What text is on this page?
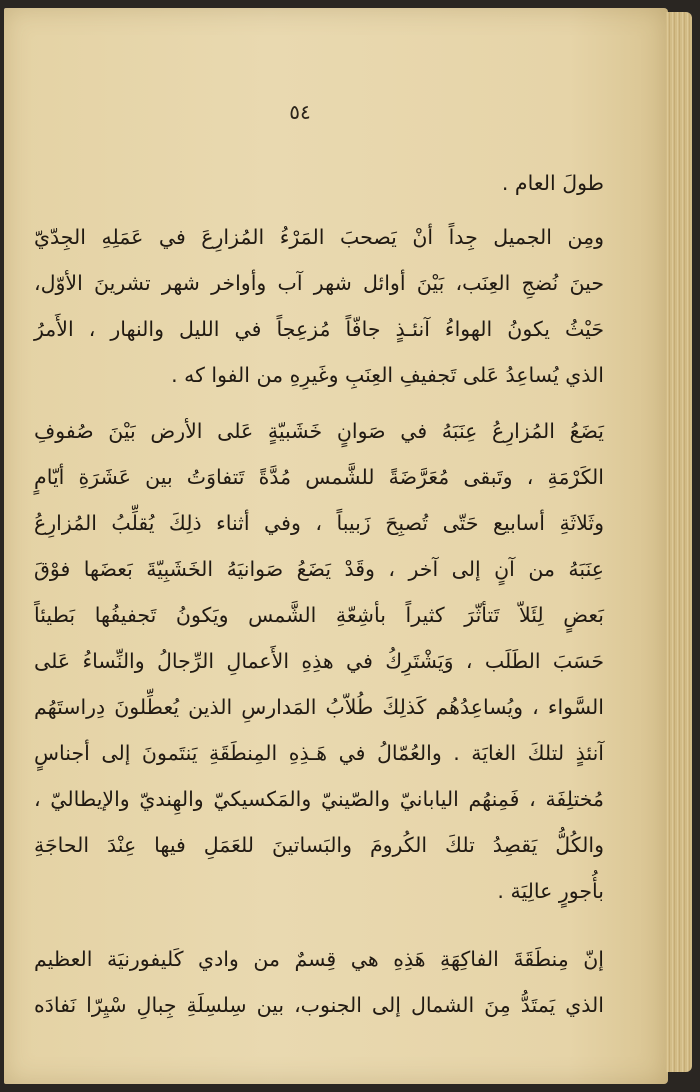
٥٤
طولَ العام .
ومِن الجميل جِداً أنْ يَصحبَ المَرْءُ المُزارِعَ في عَمَلِهِ الجِدّيّ
حينَ نُضجِ العِنَب، بَيْنَ أوائل شهر آب وأواخر شهر تشرينَ الأوّل،
حَيْثُ يكونُ الهواءُ آنئـذٍ جافّاً مُزعِجاً في الليل والنهار ، الأَمرُ
الذي يُساعِدُ عَلى تَجفيفِ العِنَبِ وغَيرِهِ من الفوا كه .
يَضَعُ المُزارِعُ عِنَبَهُ في صَوانٍ خَشَبيّةٍ عَلى الأرض بَيْنَ صُفوفِ
الكَرْمَةِ ، وتَبقى مُعَرَّضَةً للشَّمس مُدَّةً تَتفاوَتُ بين عَشَرَةِ أيّامٍ
وثَلاثَةِ أسابيع حَتّى تُصبِحَ زَبيباً ، وفي أثناء ذلِكَ يُقلِّبُ المُزارِعُ
عِنَبَهُ من آنٍ إلى آخر ، وقَدْ يَضَعُ صَوانيَهُ الخَشَبِيّةَ بَعضَها فوْقَ
بَعضٍ لِئَلاّ تَتأثّرَ كثيراً بأشِعّةِ الشَّمس ويَكونُ تَجفيفُها بَطيئاً
حَسَبَ الطَلَب ، وَيَشْتَرِكُ في هذِهِ الأَعمالِ الرِّجالُ والنِّساءُ عَلى
السَّواء ، ويُساعِدُهُم كَذلِكَ طُلاّبُ المَدارسِ الذين يُعطِّلونَ دِراستَهُم
آنئذٍ لتلكَ الغايَة . والعُمّالُ في هَـذِهِ المِنطَقَةِ يَنتَمونَ إلى أجناسٍ
مُختلِفَة ، فَمِنهُم اليابانيّ والصّينيّ والمَكسيكيّ والهِنديّ والإيطاليّ ،
والكُلُّ يَقصِدُ تلكَ الكُرومَ والبَساتينَ للعَمَلِ فيها عِنْدَ الحاجَةِ
بأُجورٍ عالِيَة .
إنّ مِنطَقَةَ الفاكِهَةِ هَذِهِ هي قِسمٌ من وادي كَليفورنيَة العظيم
الذي يَمتَدُّ مِنَ الشمال إلى الجنوب، بين سِلسِلَةِ جِبالِ سْيِرّا نَفادَه
